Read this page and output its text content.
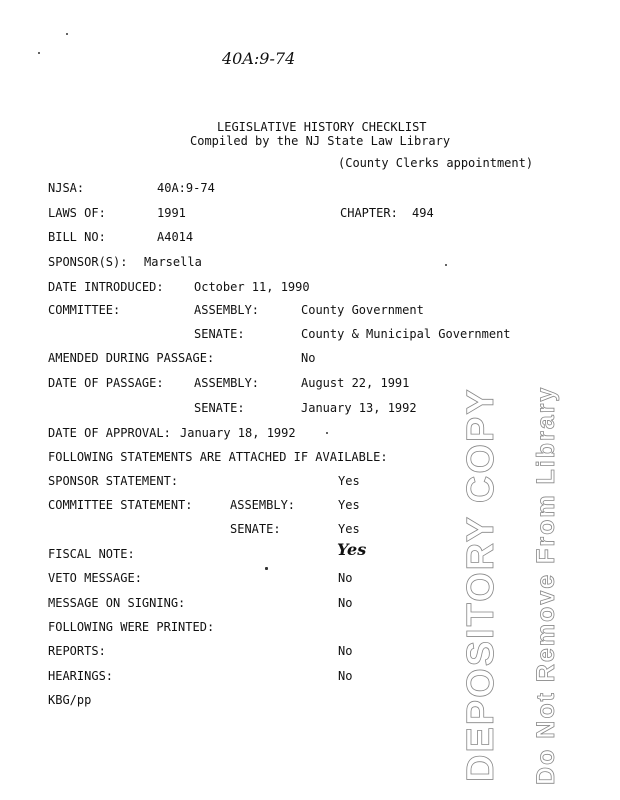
40A:9-74
LEGISLATIVE HISTORY CHECKLIST
Compiled by the NJ State Law Library
(County Clerks appointment)
NJSA:	40A:9-74
LAWS OF:	1991	CHAPTER: 494
BILL NO:	A4014
SPONSOR(S): Marsella
DATE INTRODUCED:	October 11, 1990
COMMITTEE:	ASSEMBLY:	County Government
SENATE:	County & Municipal Government
AMENDED DURING PASSAGE:	No
DATE OF PASSAGE:	ASSEMBLY:	August 22, 1991
SENATE:	January 13, 1992
DATE OF APPROVAL: January 18, 1992
FOLLOWING STATEMENTS ARE ATTACHED IF AVAILABLE:
SPONSOR STATEMENT:	Yes
COMMITTEE STATEMENT:	ASSEMBLY:	Yes
SENATE:	Yes
FISCAL NOTE:	Yes
VETO MESSAGE:	No
MESSAGE ON SIGNING:	No
FOLLOWING WERE PRINTED:
REPORTS:	No
HEARINGS:	No
KBG/pp	DEPOSITORY COPY Do Not Remove From Library
